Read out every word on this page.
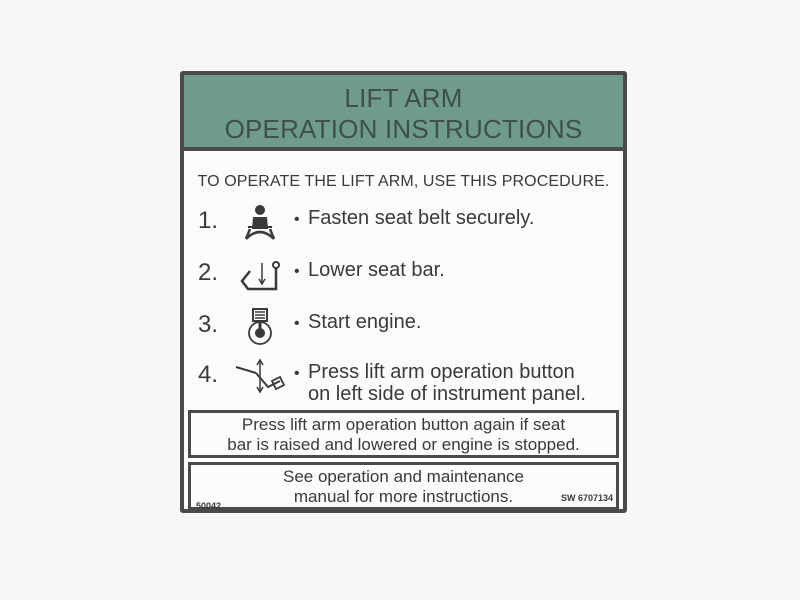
LIFT ARM
OPERATION INSTRUCTIONS
TO OPERATE THE LIFT ARM, USE THIS PROCEDURE.
1.	• Fasten seat belt securely.
2.	• Lower seat bar.
3.	• Start engine.
4.	• Press lift arm operation button
on left side of instrument panel.
Press lift arm operation button again if seat
bar is raised and lowered or engine is stopped.
See operation and maintenance
manual for more instructions.
50042
SW 6707134
